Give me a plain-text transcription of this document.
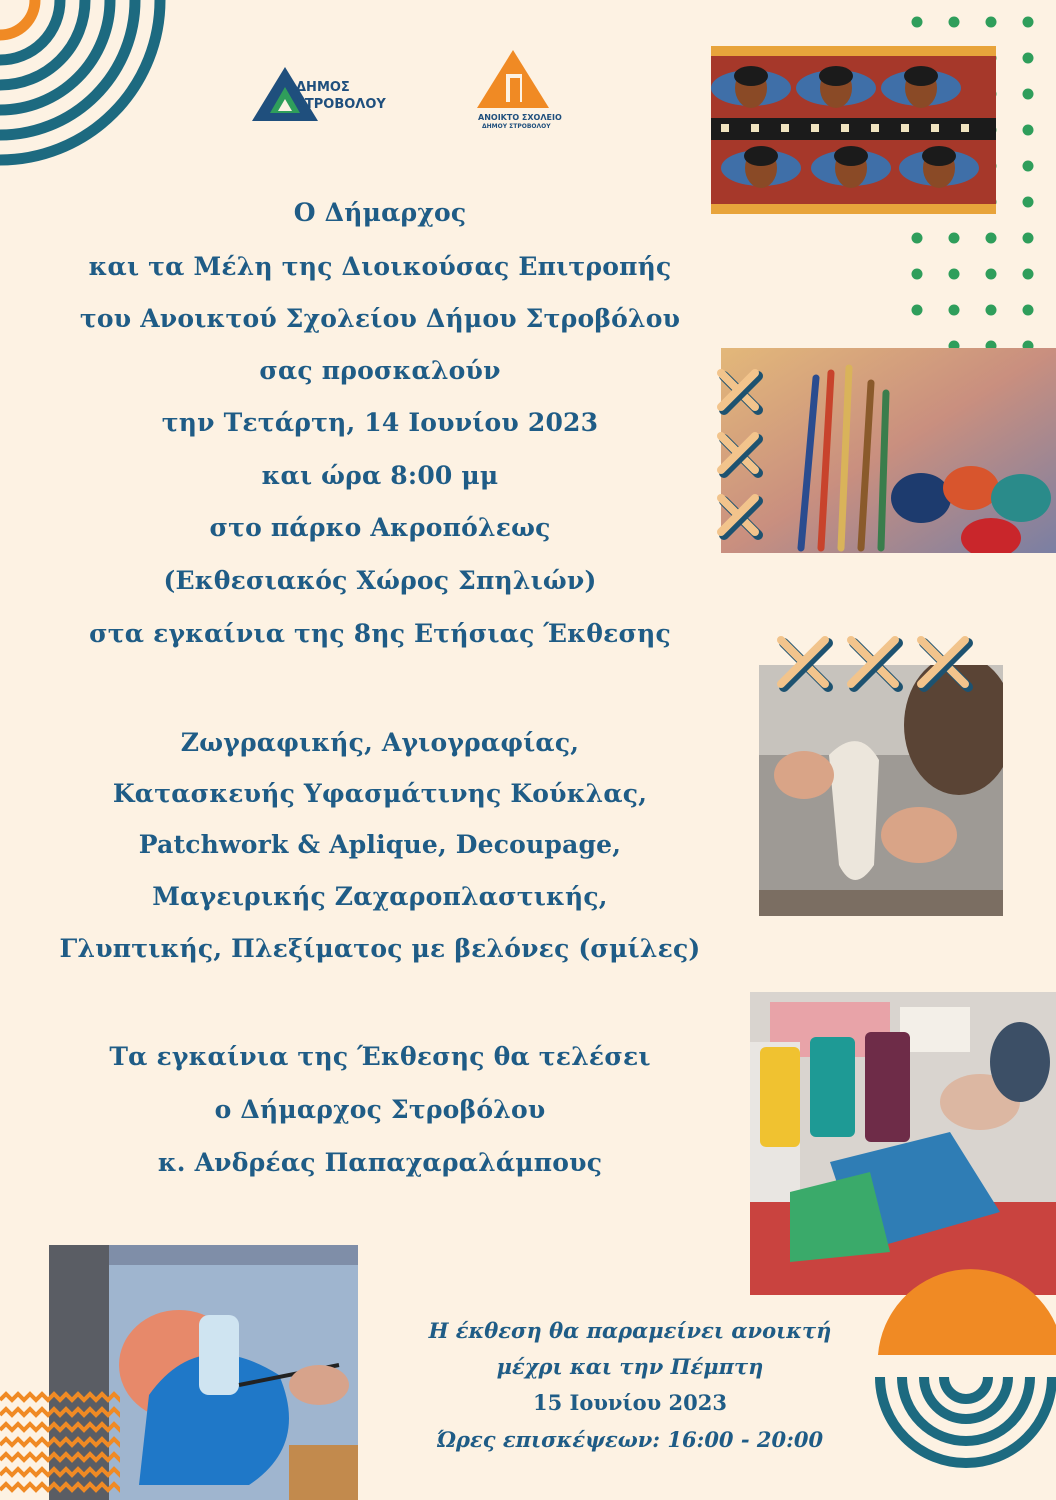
ΔΗΜΟΣ
ΣΤΡΟΒΟΛΟΥ
ΑΝΟΙΚΤΟ ΣΧΟΛΕΙΟ
ΔΗΜΟΥ ΣΤΡΟΒΟΛΟΥ
Ο Δήμαρχος
και τα Μέλη της Διοικούσας Επιτροπής
του Ανοικτού Σχολείου Δήμου Στροβόλου
σας προσκαλούν
την Τετάρτη, 14 Ιουνίου 2023
και ώρα 8:00 μμ
στο πάρκο Ακροπόλεως
(Εκθεσιακός Χώρος Σπηλιών)
στα εγκαίνια της 8ης Ετήσιας Έκθεσης
Ζωγραφικής, Αγιογραφίας,
Κατασκευής Υφασμάτινης Κούκλας,
Patchwork & Aplique, Decoupage,
Μαγειρικής Ζαχαροπλαστικής,
Γλυπτικής, Πλεξίματος με βελόνες (σμίλες)
Τα εγκαίνια της Έκθεσης θα τελέσει
ο Δήμαρχος Στροβόλου
κ. Ανδρέας Παπαχαραλάμπους
Η έκθεση θα παραμείνει ανοικτή
μέχρι και την Πέμπτη
15 Ιουνίου 2023
Ώρες επισκέψεων: 16:00 - 20:00
